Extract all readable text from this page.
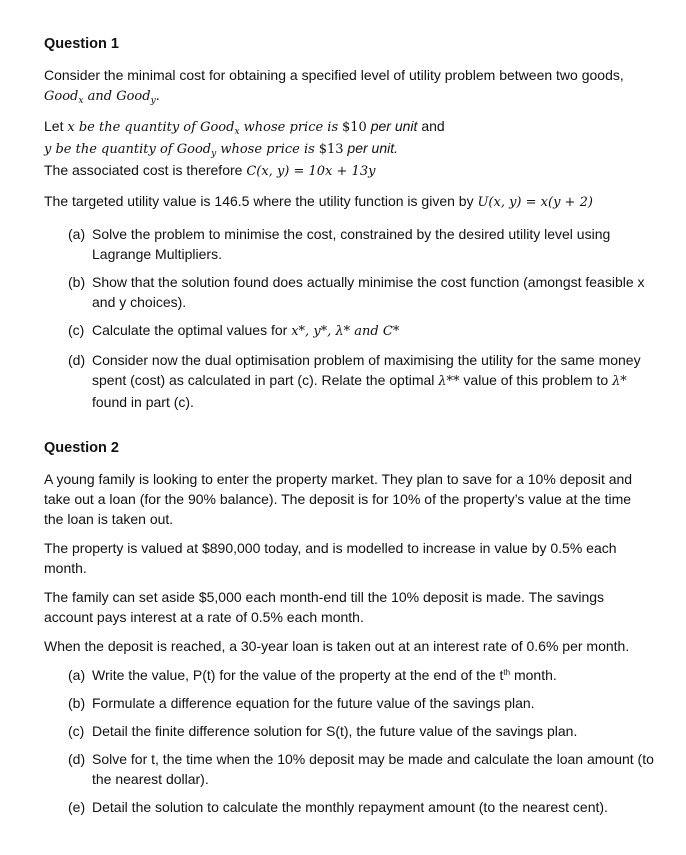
Question 1

Consider the minimal cost for obtaining a specified level of utility problem between two goods, Good$_x$ and Good$_y$.

Let x be the quantity of Good$_x$ whose price is $10 per unit and

y be the quantity of Good$_y$ whose price is $13 per unit.

The associated cost is therefore C(x, y) = 10x + 13y

The targeted utility value is 146.5 where the utility function is given by U(x, y) = x(y + 2)

(a) Solve the problem to minimise the cost, constrained by the desired utility level using Lagrange Multipliers.
(b) Show that the solution found does actually minimise the cost function (amongst feasible x and y choices).
(c) Calculate the optimal values for x*, y*, λ* and C*
(d) Consider now the dual optimisation problem of maximising the utility for the same money spent (cost) as calculated in part (c). Relate the optimal λ** value of this problem to λ* found in part (c).
Question 2

A young family is looking to enter the property market. They plan to save for a 10% deposit and take out a loan (for the 90% balance). The deposit is for 10% of the property’s value at the time the loan is taken out.

The property is valued at $890,000 today, and is modelled to increase in value by 0.5% each month.

The family can set aside $5,000 each month-end till the 10% deposit is made. The savings account pays interest at a rate of 0.5% each month.

When the deposit is reached, a 30-year loan is taken out at an interest rate of 0.6% per month.

(a) Write the value, P(t) for the value of the property at the end of the $t^{th}$ month.
(b) Formulate a difference equation for the future value of the savings plan.
(c) Detail the finite difference solution for S(t), the future value of the savings plan.
(d) Solve for t, the time when the 10% deposit may be made and calculate the loan amount (to the nearest dollar).
(e) Detail the solution to calculate the monthly repayment amount (to the nearest cent).
